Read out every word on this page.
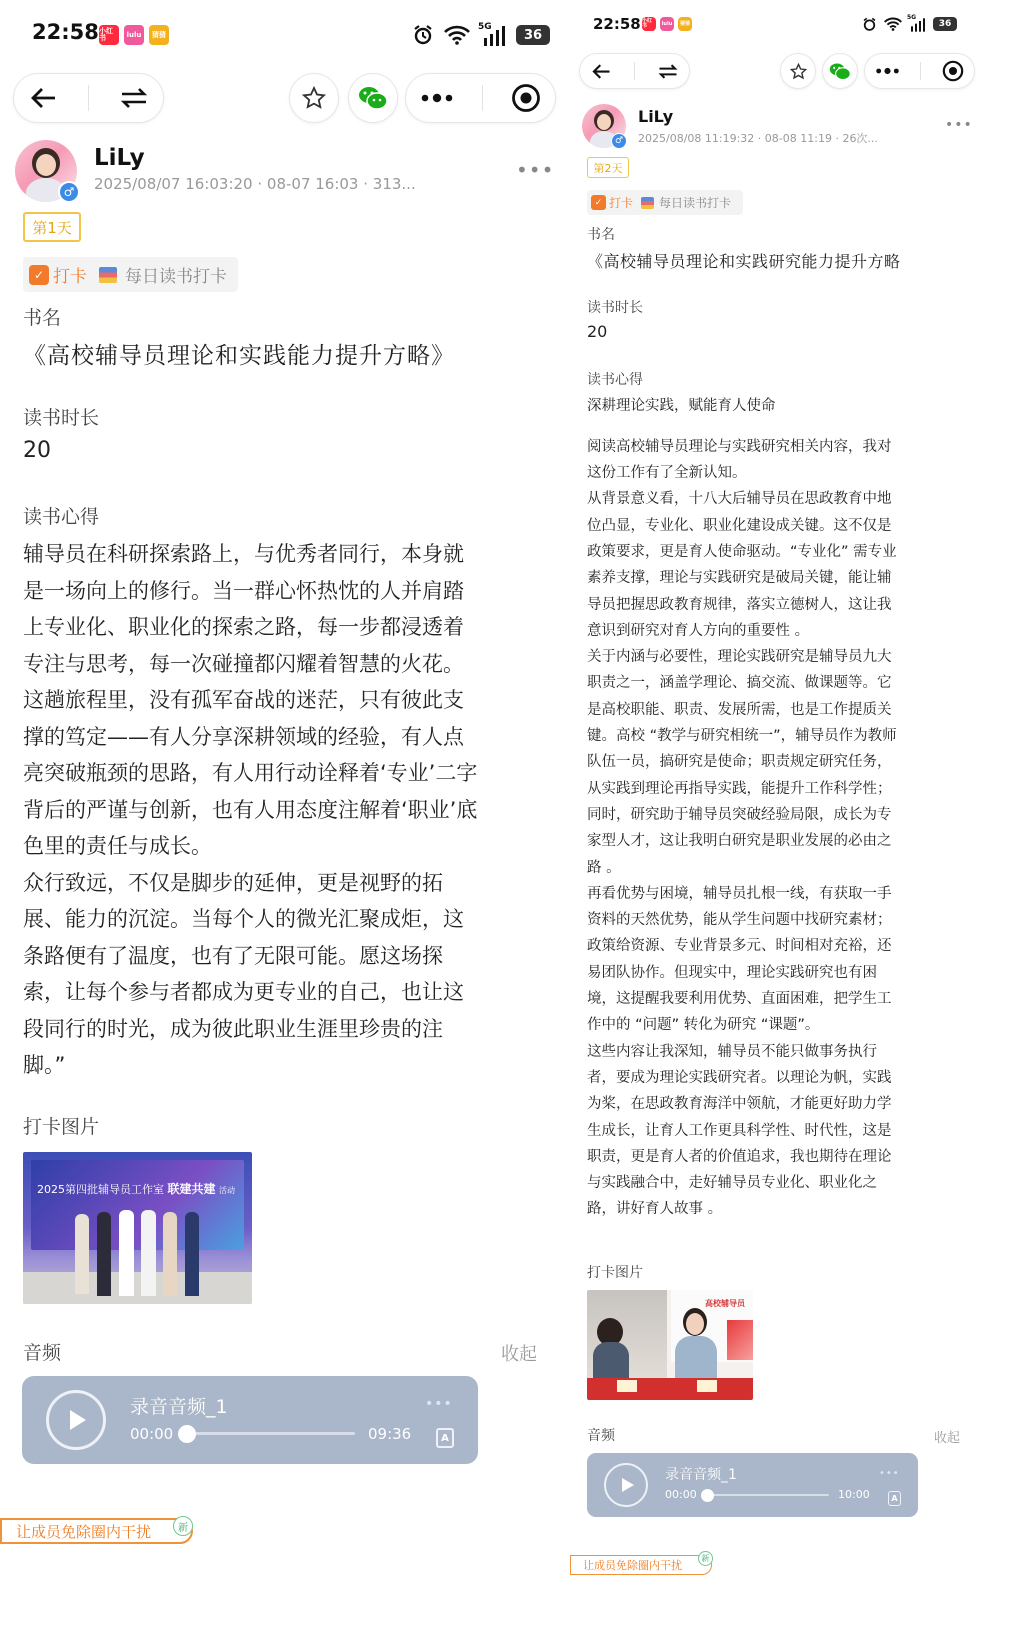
22:58 小红书	lulu	猜猜
5G
36
♂
LiLy
2025/08/07 16:03:20 · 08-07 16:03 · 313...
•••
第1天
✓ 打卡 每日读书打卡
书名
《高校辅导员理论和实践能力提升方略》
读书时长
20
读书心得

辅导员在科研探索路上，与优秀者同行，本身就

是一场向上的修行。当一群心怀热忱的人并肩踏

上专业化、职业化的探索之路，每一步都浸透着

专注与思考，每一次碰撞都闪耀着智慧的火花。

这趟旅程里，没有孤军奋战的迷茫，只有彼此支

撑的笃定——有人分享深耕领域的经验，有人点

亮突破瓶颈的思路，有人用行动诠释着‘专业’二字

背后的严谨与创新，也有人用态度注解着‘职业’底

色里的责任与成长。

众行致远，不仅是脚步的延伸，更是视野的拓

展、能力的沉淀。当每个人的微光汇聚成炬，这

条路便有了温度，也有了无限可能。愿这场探

索，让每个参与者都成为更专业的自己，也让这

段同行的时光，成为彼此职业生涯里珍贵的注

脚。”

打卡图片
2025第四批辅导员工作室 联建共建 活动
音频	收起
录音音频_1
00:00	09:36
•••
A
让成员免除圈内干扰	新
22:58 小红书	lulu	猜猜
5G
36
♂
LiLy
2025/08/08 11:19:32 · 08-08 11:19 · 26次...
•••
第2天
✓ 打卡 每日读书打卡
书名
《高校辅导员理论和实践研究能力提升方略
读书时长
20
读书心得

深耕理论实践，赋能育人使命

阅读高校辅导员理论与实践研究相关内容，我对

这份工作有了全新认知。

从背景意义看，十八大后辅导员在思政教育中地

位凸显，专业化、职业化建设成关键。这不仅是

政策要求，更是育人使命驱动。“专业化” 需专业

素养支撑，理论与实践研究是破局关键，能让辅

导员把握思政教育规律，落实立德树人，这让我

意识到研究对育人方向的重要性 。

关于内涵与必要性，理论实践研究是辅导员九大

职责之一，涵盖学理论、搞交流、做课题等。它

是高校职能、职责、发展所需，也是工作提质关

键。高校 “教学与研究相统一”，辅导员作为教师

队伍一员，搞研究是使命；职责规定研究任务，

从实践到理论再指导实践，能提升工作科学性；

同时，研究助于辅导员突破经验局限，成长为专

家型人才，这让我明白研究是职业发展的必由之

路 。

再看优势与困境，辅导员扎根一线，有获取一手

资料的天然优势，能从学生问题中找研究素材；

政策给资源、专业背景多元、时间相对充裕，还

易团队协作。但现实中，理论实践研究也有困

境，这提醒我要利用优势、直面困难，把学生工

作中的 “问题” 转化为研究 “课题”。

这些内容让我深知，辅导员不能只做事务执行

者，要成为理论实践研究者。以理论为帆，实践

为桨，在思政教育海洋中领航，才能更好助力学

生成长，让育人工作更具科学性、时代性，这是

职责，更是育人者的价值追求，我也期待在理论

与实践融合中，走好辅导员专业化、职业化之

路，讲好育人故事 。

打卡图片
高校辅导员
音频	收起
录音音频_1
00:00	10:00
•••
A
让成员免除圈内干扰
新
